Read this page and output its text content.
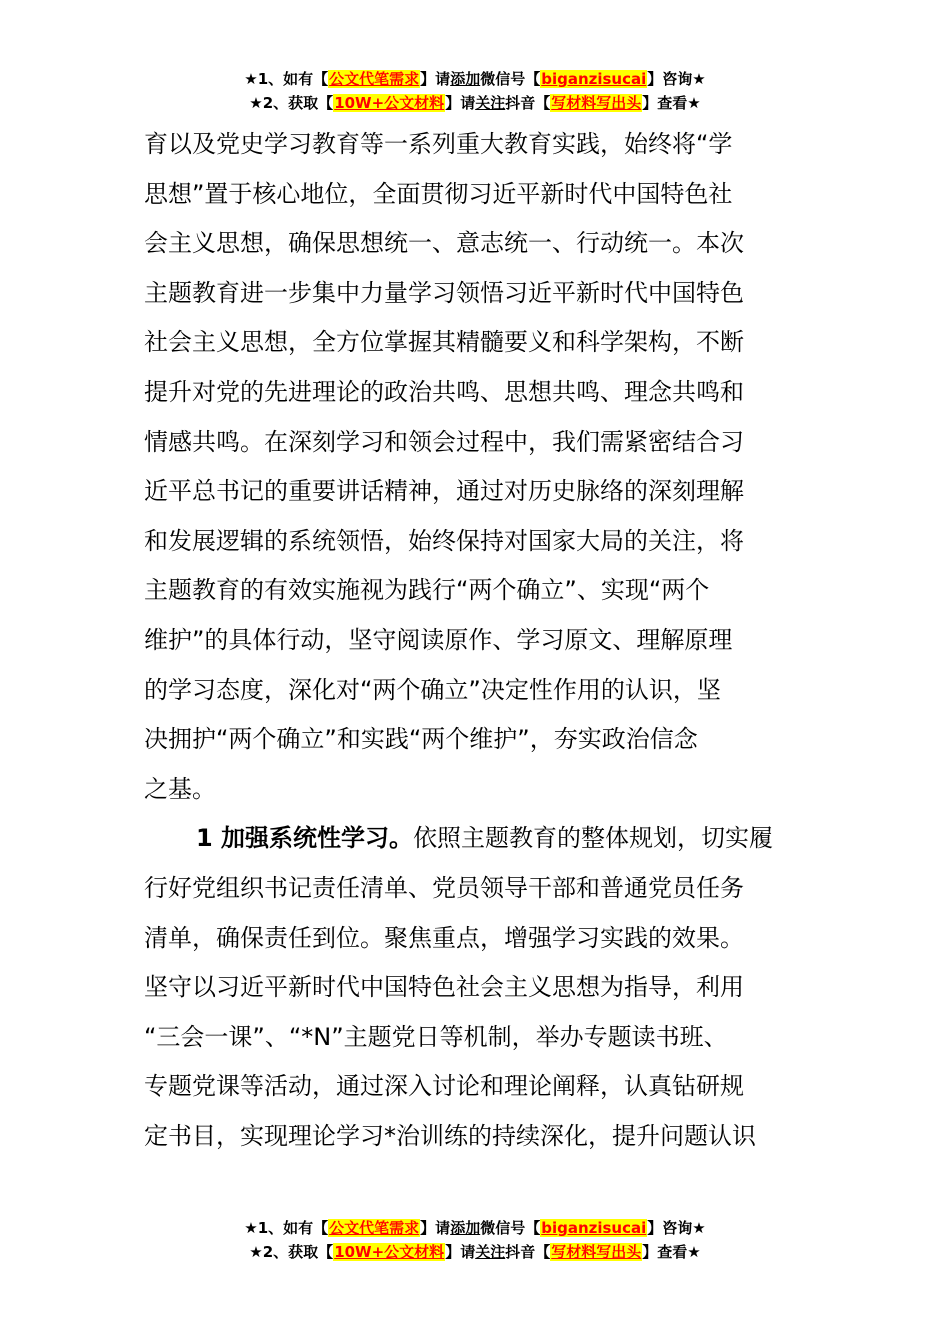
★1、如有【公文代笔需求】请添加微信号【biganzisucai】咨询★
★2、获取【10W+公文材料】请关注抖音【写材料写出头】查看★
育以及党史学习教育等一系列重大教育实践，始终将“学
思想”置于核心地位，全面贯彻习近平新时代中国特色社
会主义思想，确保思想统一、意志统一、行动统一。本次
主题教育进一步集中力量学习领悟习近平新时代中国特色
社会主义思想，全方位掌握其精髓要义和科学架构，不断
提升对党的先进理论的政治共鸣、思想共鸣、理念共鸣和
情感共鸣。在深刻学习和领会过程中，我们需紧密结合习
近平总书记的重要讲话精神，通过对历史脉络的深刻理解
和发展逻辑的系统领悟，始终保持对国家大局的关注，将
主题教育的有效实施视为践行“两个确立”、实现“两个
维护”的具体行动，坚守阅读原作、学习原文、理解原理
的学习态度，深化对“两个确立”决定性作用的认识，坚
决拥护“两个确立”和实践“两个维护”，夯实政治信念
之基。
1 加强系统性学习。依照主题教育的整体规划，切实履
行好党组织书记责任清单、党员领导干部和普通党员任务
清单，确保责任到位。聚焦重点，增强学习实践的效果。
坚守以习近平新时代中国特色社会主义思想为指导，利用
“三会一课”、“*N”主题党日等机制，举办专题读书班、
专题党课等活动，通过深入讨论和理论阐释，认真钻研规
定书目，实现理论学习*治训练的持续深化，提升问题认识
★1、如有【公文代笔需求】请添加微信号【biganzisucai】咨询★
★2、获取【10W+公文材料】请关注抖音【写材料写出头】查看★
